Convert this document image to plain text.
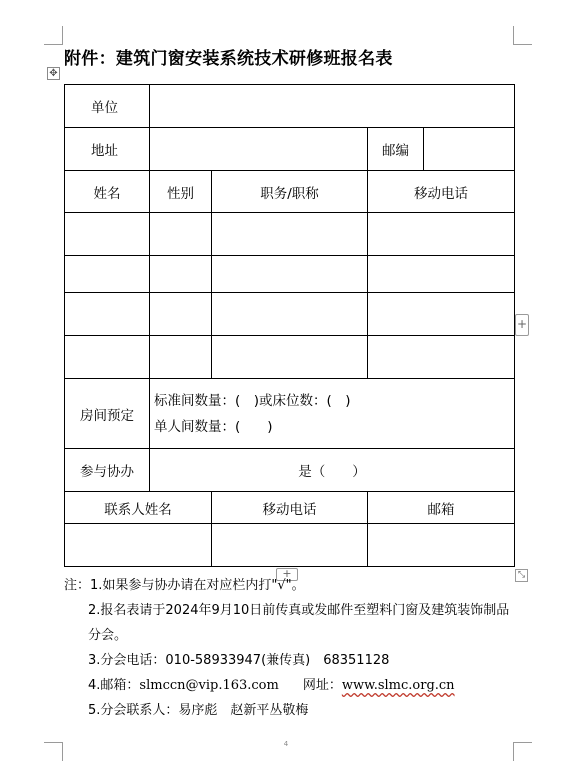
附件：建筑门窗安装系统技术研修班报名表
✥
单位				
地址			邮编	
姓名	性别	职务/职称	移动电话	

房间预定	标准间数量：(　)或床位数：(　)
单人间数量：(　　)			

参与协办	是（　　）			
联系人姓名		移动电话	邮箱	

+
+	⤡

注：1.如果参与协办请在对应栏内打"√"。

2.报名表请于2024年9月10日前传真或发邮件至塑料门窗及建筑装饰制品分会。

3.分会电话：010-58933947(兼传真)　68351128

4.邮箱：slmccn@vip.163.com 网址：www.slmc.org.cn

5.分会联系人：易序彪　赵新平丛敬梅

4
